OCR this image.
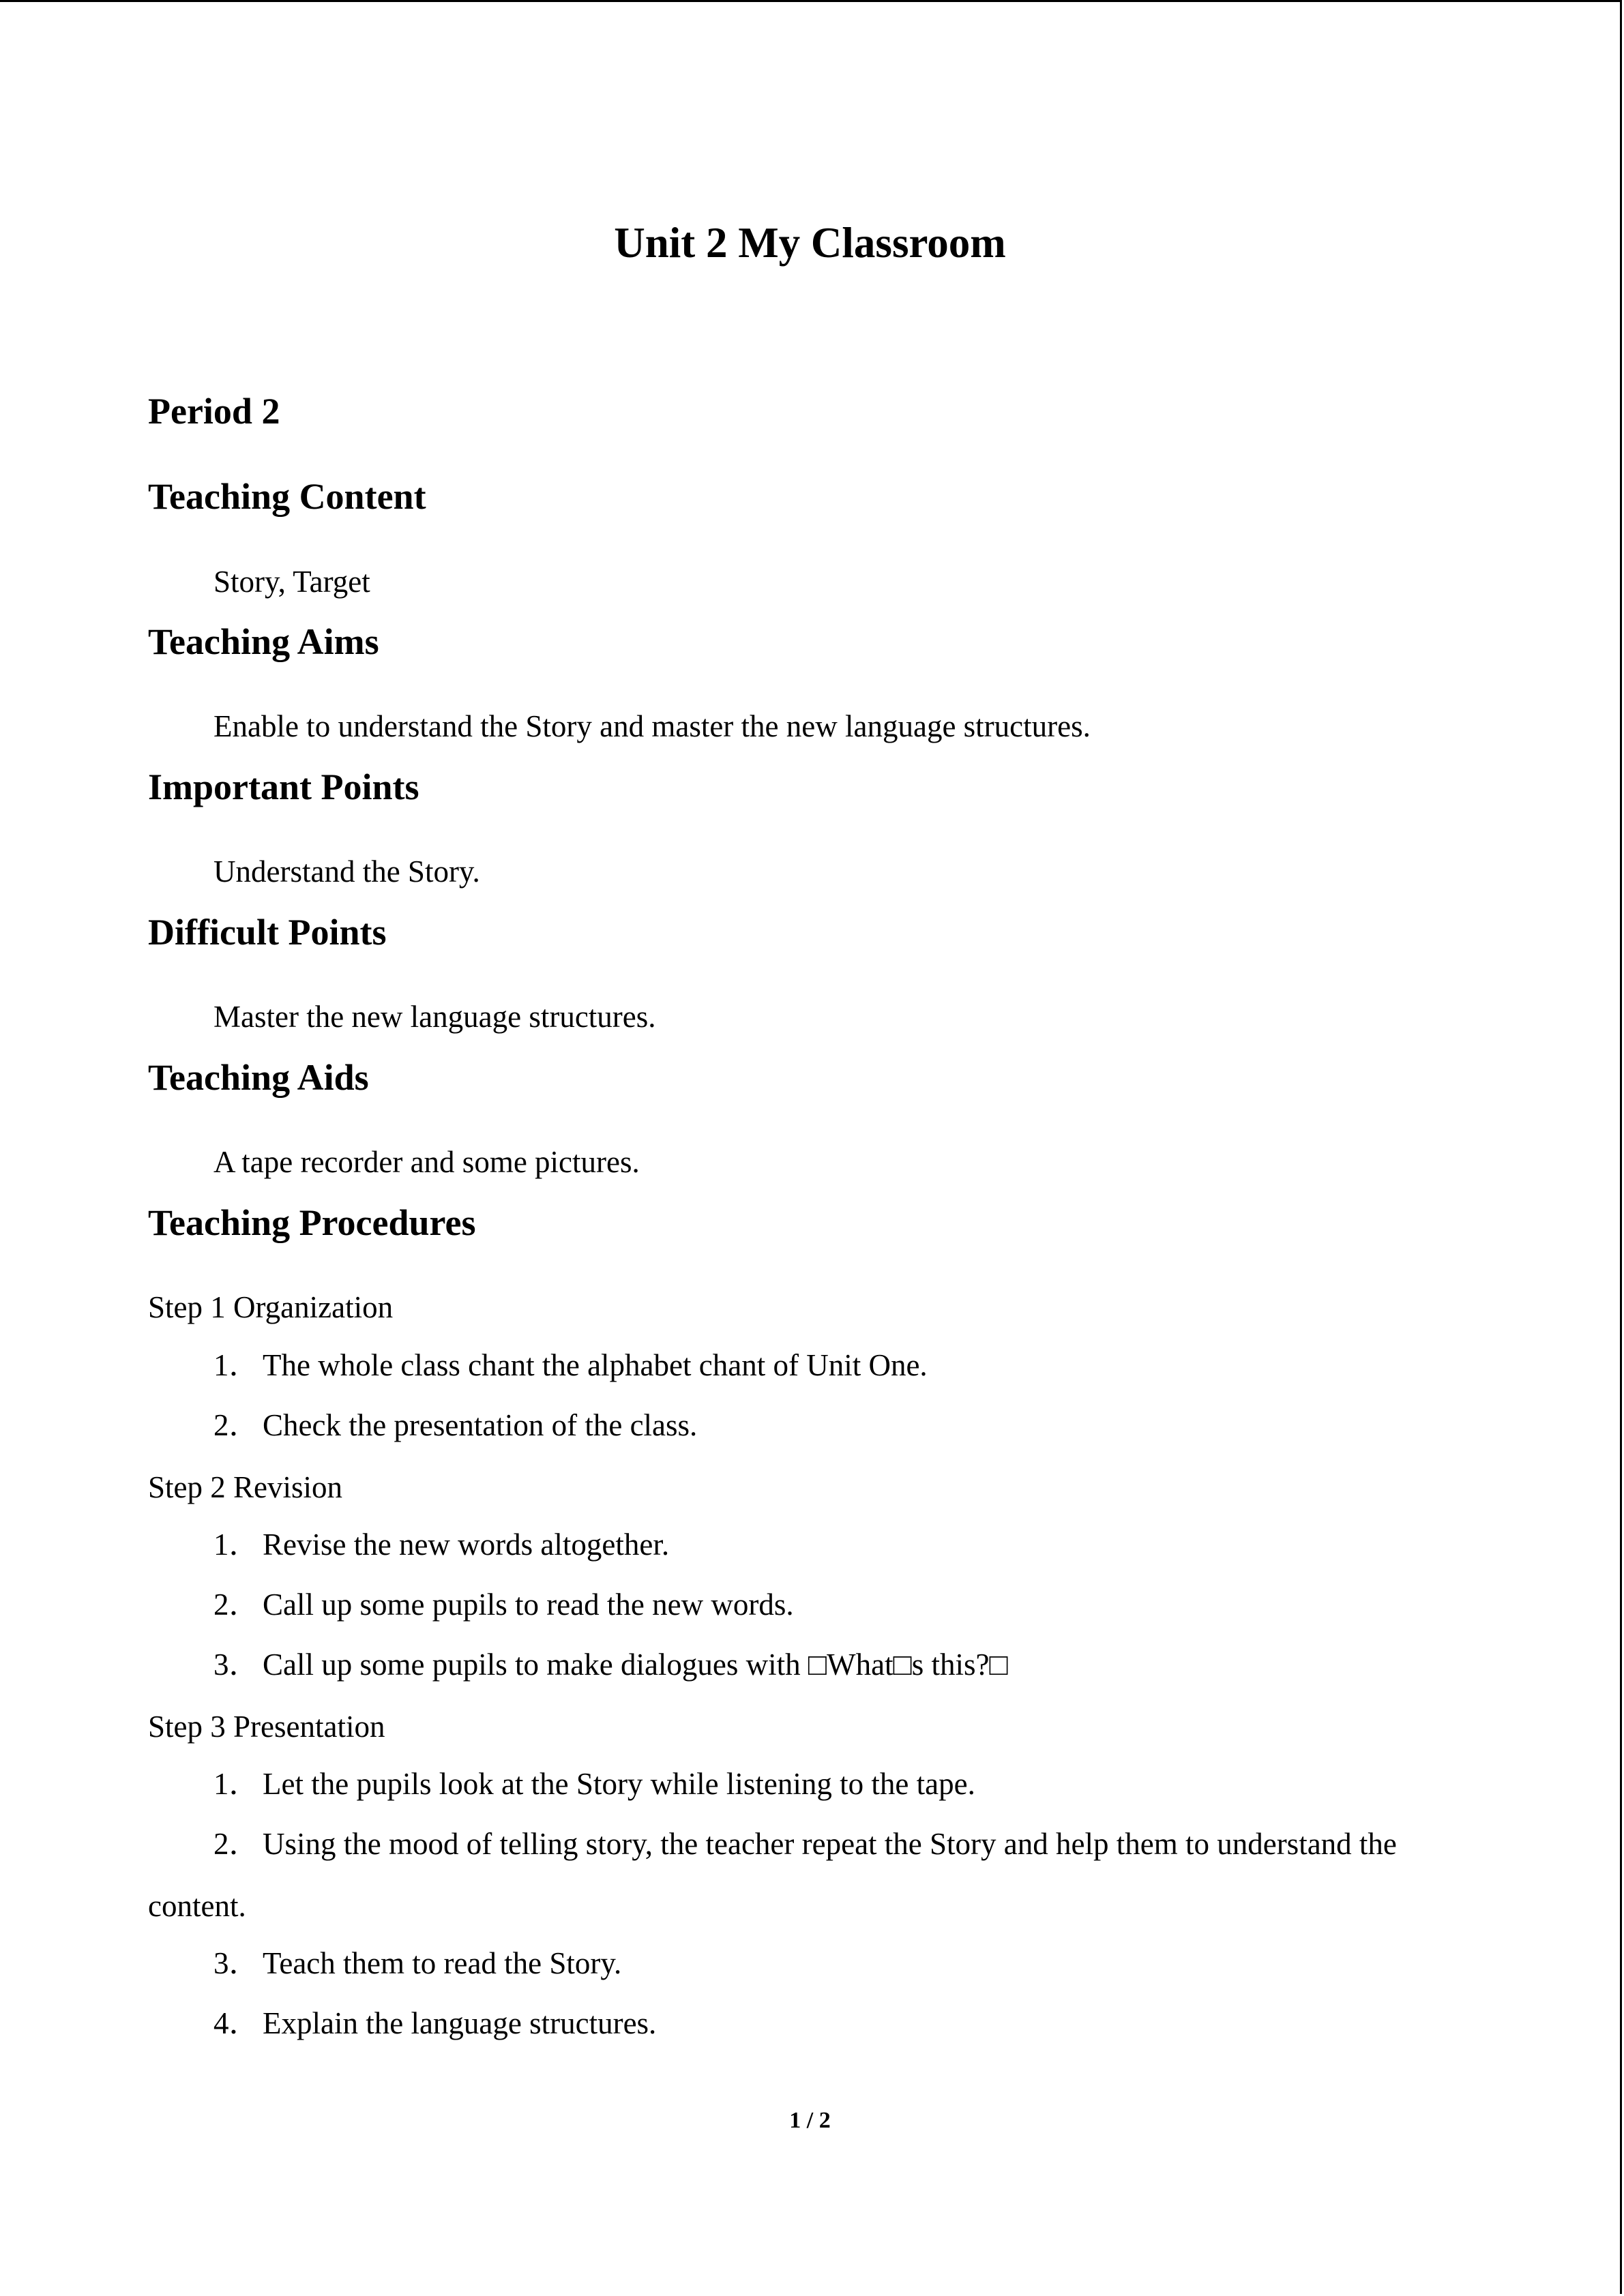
Unit 2 My Classroom
Period 2
Teaching Content
Story, Target
Teaching Aims
Enable to understand the Story and master the new language structures.
Important Points
Understand the Story.
Difficult Points
Master the new language structures.
Teaching Aids
A tape recorder and some pictures.
Teaching Procedures
Step 1 Organization
1．The whole class chant the alphabet chant of Unit One.
2．Check the presentation of the class.
Step 2 Revision
1．Revise the new words altogether.
2．Call up some pupils to read the new words.
3．Call up some pupils to make dialogues with □What□s this?□
Step 3 Presentation
1．Let the pupils look at the Story while listening to the tape.
2．Using the mood of telling story, the teacher repeat the Story and help them to understand the
content.
3．Teach them to read the Story.
4．Explain the language structures.
1 / 2
